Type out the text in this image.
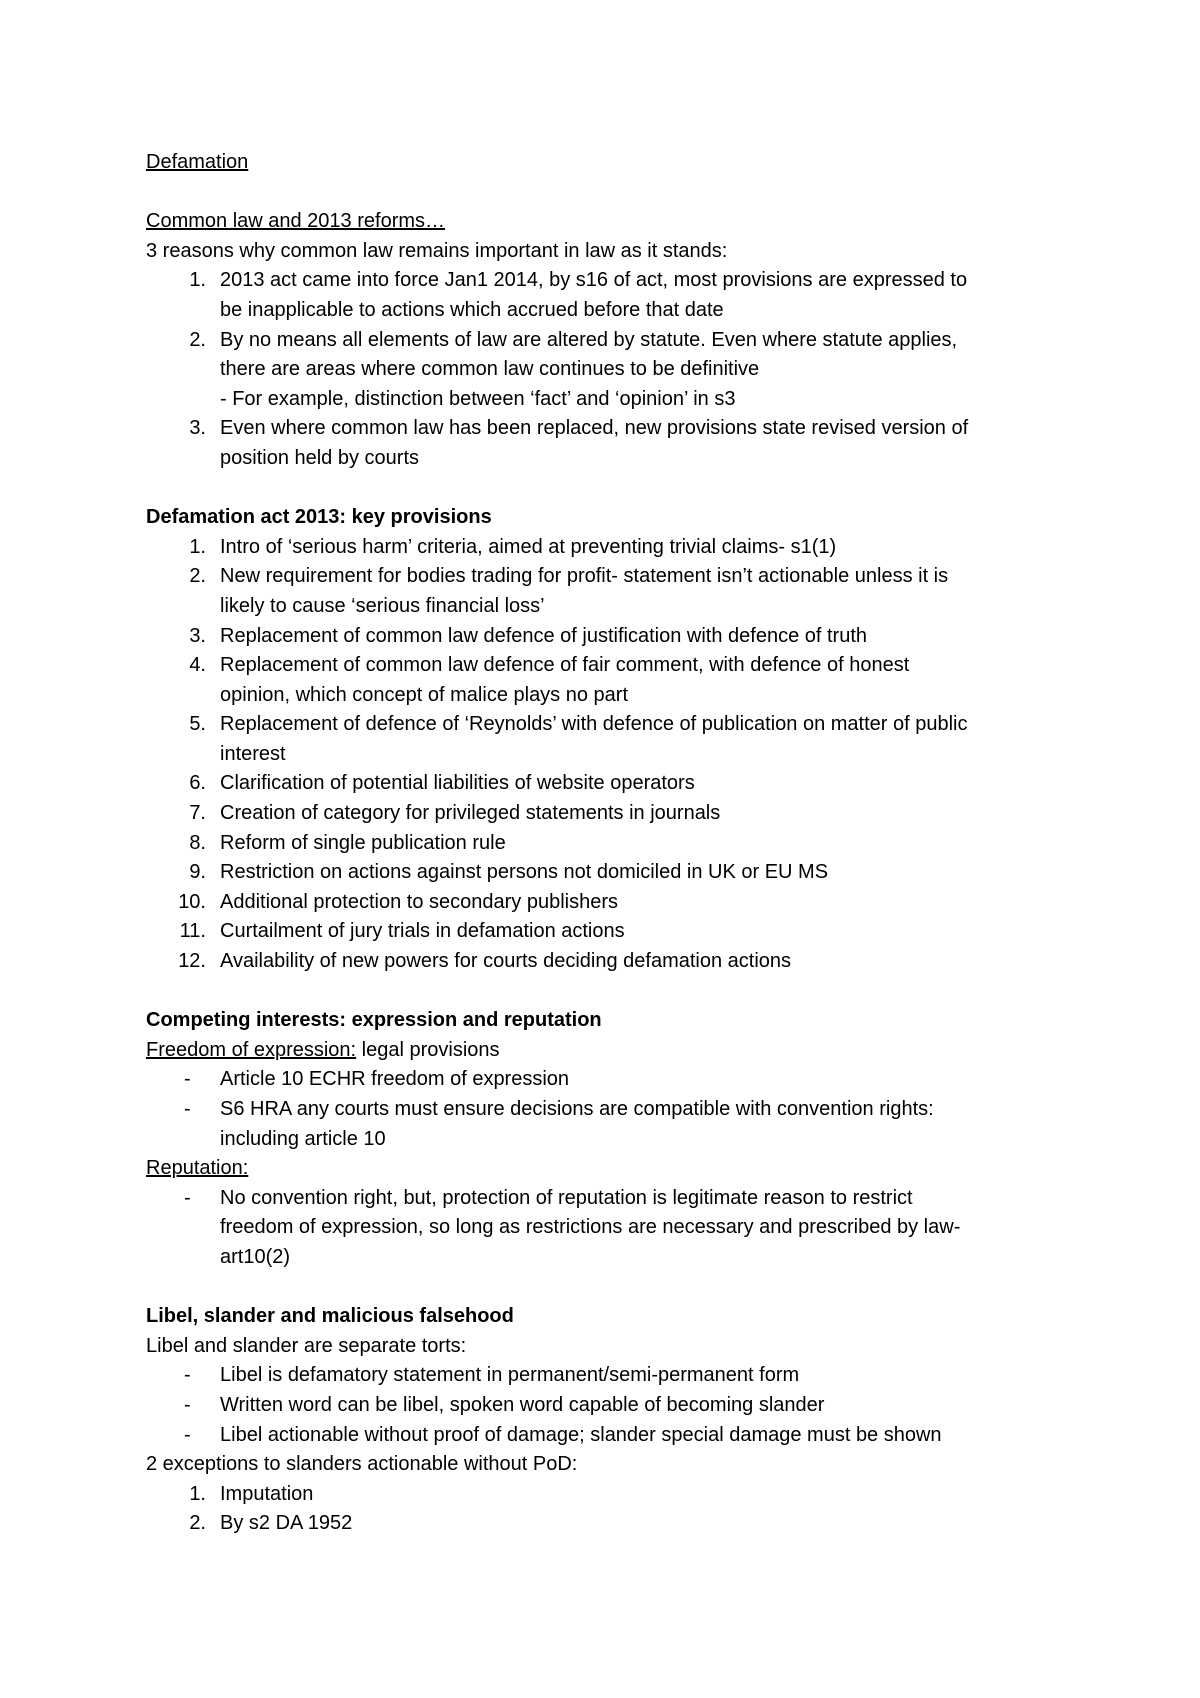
Defamation

Common law and 2013 reforms…

3 reasons why common law remains important in law as it stands:

1. 2013 act came into force Jan1 2014, by s16 of act, most provisions are expressed to
be inapplicable to actions which accrued before that date
2. By no means all elements of law are altered by statute. Even where statute applies,
there are areas where common law continues to be definitive
- For example, distinction between ‘fact’ and ‘opinion’ in s3
3. Even where common law has been replaced, new provisions state revised version of
position held by courts

Defamation act 2013: key provisions

1. Intro of ‘serious harm’ criteria, aimed at preventing trivial claims- s1(1)
2. New requirement for bodies trading for profit- statement isn’t actionable unless it is
likely to cause ‘serious financial loss’
3. Replacement of common law defence of justification with defence of truth
4. Replacement of common law defence of fair comment, with defence of honest
opinion, which concept of malice plays no part
5. Replacement of defence of ‘Reynolds’ with defence of publication on matter of public
interest
6. Clarification of potential liabilities of website operators
7. Creation of category for privileged statements in journals
8. Reform of single publication rule
9. Restriction on actions against persons not domiciled in UK or EU MS
10. Additional protection to secondary publishers
11. Curtailment of jury trials in defamation actions
12. Availability of new powers for courts deciding defamation actions

Competing interests: expression and reputation

Freedom of expression: legal provisions

-	Article 10 ECHR freedom of expression
-	S6 HRA any courts must ensure decisions are compatible with convention rights:
including article 10

Reputation:

-	No convention right, but, protection of reputation is legitimate reason to restrict
freedom of expression, so long as restrictions are necessary and prescribed by law-
art10(2)

Libel, slander and malicious falsehood

Libel and slander are separate torts:

-	Libel is defamatory statement in permanent/semi-permanent form
-	Written word can be libel, spoken word capable of becoming slander
-	Libel actionable without proof of damage; slander special damage must be shown

2 exceptions to slanders actionable without PoD:

1. Imputation
2. By s2 DA 1952
